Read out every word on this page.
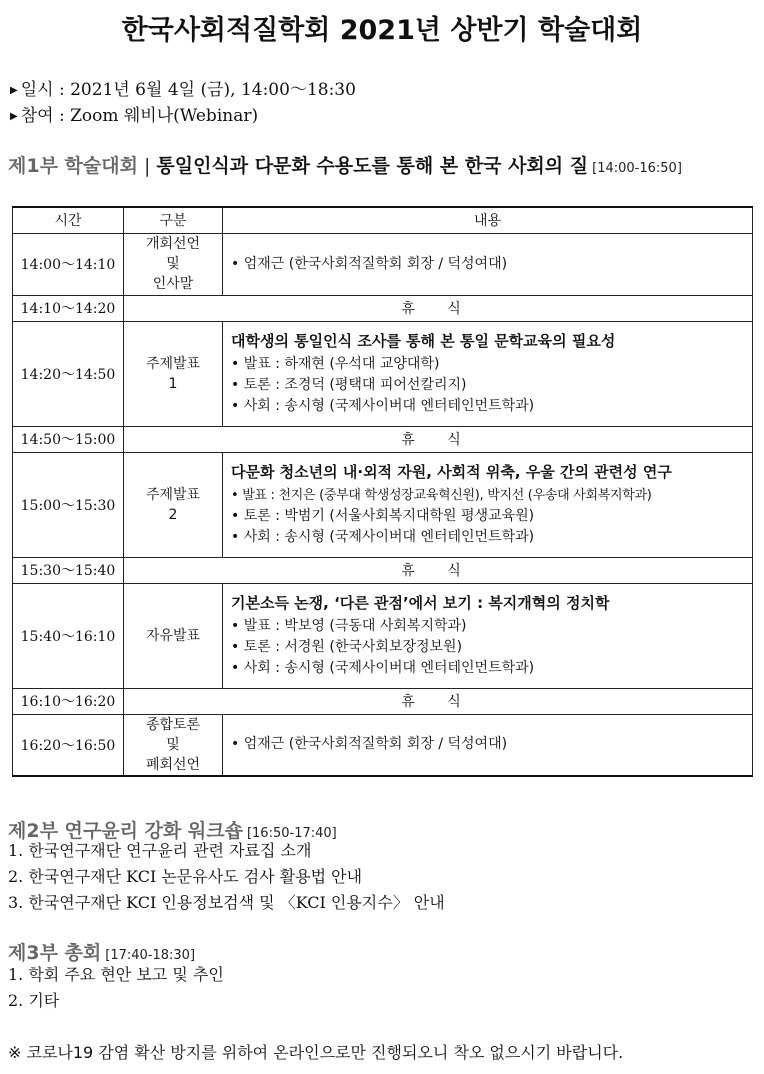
한국사회적질학회 2021년 상반기 학술대회
▶ 일시 : 2021년 6월 4일 (금), 14:00～18:30
▶ 참여 : Zoom 웨비나(Webinar)
제1부 학술대회 | 통일인식과 다문화 수용도를 통해 본 한국 사회의 질 [14:00-16:50]
시간	구분	내용
14:00～14:10	개회선언
및
인사말	• 엄재근 (한국사회적질학회 회장 / 덕성여대)

14:10～14:20	휴 식	
14:20～14:50	주제발표
1	대학생의 통일인식 조사를 통해 본 통일 문학교육의 필요성
• 발표 : 하재현 (우석대 교양대학)
• 토론 : 조경덕 (평택대 피어선칼리지)
• 사회 : 송시형 (국제사이버대 엔터테인먼트학과)

14:50～15:00	휴 식	
15:00～15:30	주제발표
2	다문화 청소년의 내·외적 자원, 사회적 위축, 우울 간의 관련성 연구
• 발표 : 천지은 (중부대 학생성장교육혁신원), 박지선 (우송대 사회복지학과)
• 토론 : 박범기 (서울사회복지대학원 평생교육원)
• 사회 : 송시형 (국제사이버대 엔터테인먼트학과)

15:30～15:40	휴 식	
15:40～16:10	자유발표	기본소득 논쟁, ‘다른 관점’에서 보기 : 복지개혁의 정치학
• 발표 : 박보영 (극동대 사회복지학과)
• 토론 : 서경원 (한국사회보장정보원)
• 사회 : 송시형 (국제사이버대 엔터테인먼트학과)

16:10～16:20	휴 식	
16:20～16:50	종합토론
및
폐회선언	• 엄재근 (한국사회적질학회 회장 / 덕성여대)
제2부 연구윤리 강화 워크숍 [16:50-17:40]
1. 한국연구재단 연구윤리 관련 자료집 소개
2. 한국연구재단 KCI 논문유사도 검사 활용법 안내
3. 한국연구재단 KCI 인용정보검색 및 〈KCI 인용지수〉 안내
제3부 총회 [17:40-18:30]
1. 학회 주요 현안 보고 및 추인
2. 기타
※ 코로나19 감염 확산 방지를 위하여 온라인으로만 진행되오니 착오 없으시기 바랍니다.
